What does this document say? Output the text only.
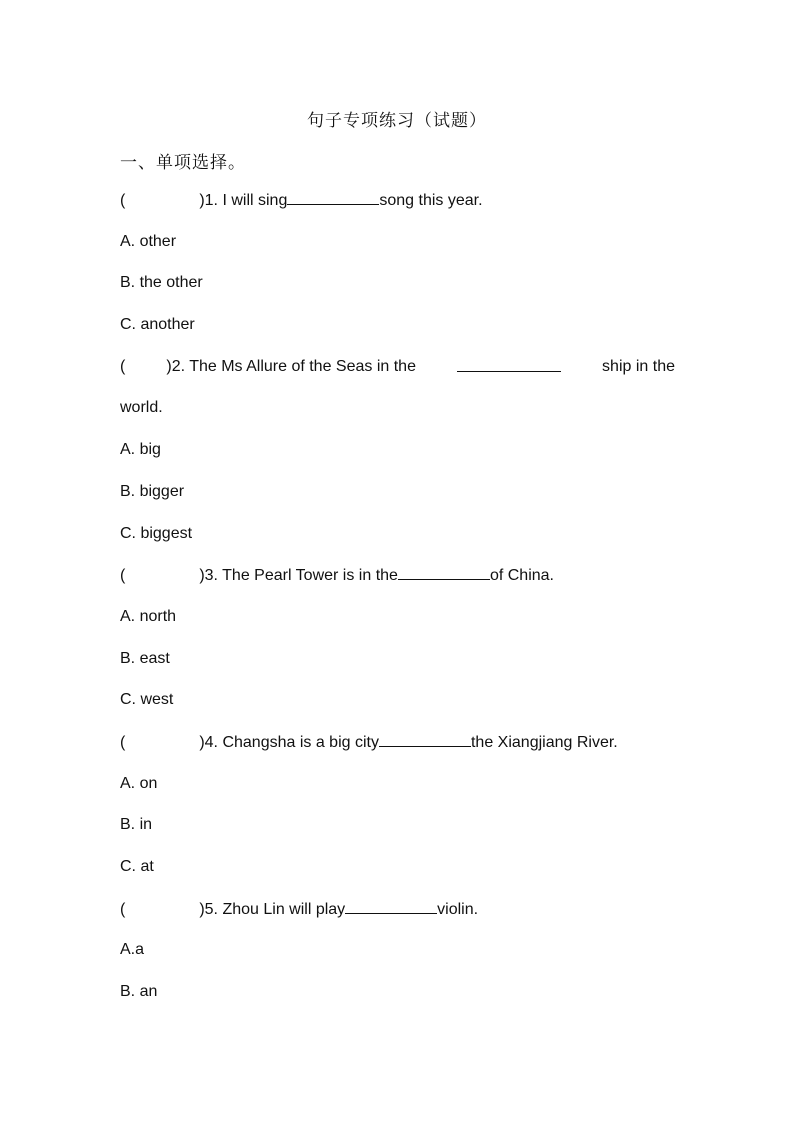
句子专项练习（试题）
一、单项选择。
(	)1. I will sing	song this year.
A. other
B. the other
C. another
(	)2. The Ms Allure of the Seas in the	ship in the
world.
A. big
B. bigger
C. biggest
(	)3. The Pearl Tower is in the	of China.
A. north
B. east
C. west
(	)4. Changsha is a big city	the Xiangjiang River.
A. on
B. in
C. at
(	)5. Zhou Lin will play	violin.
A.a
B. an
